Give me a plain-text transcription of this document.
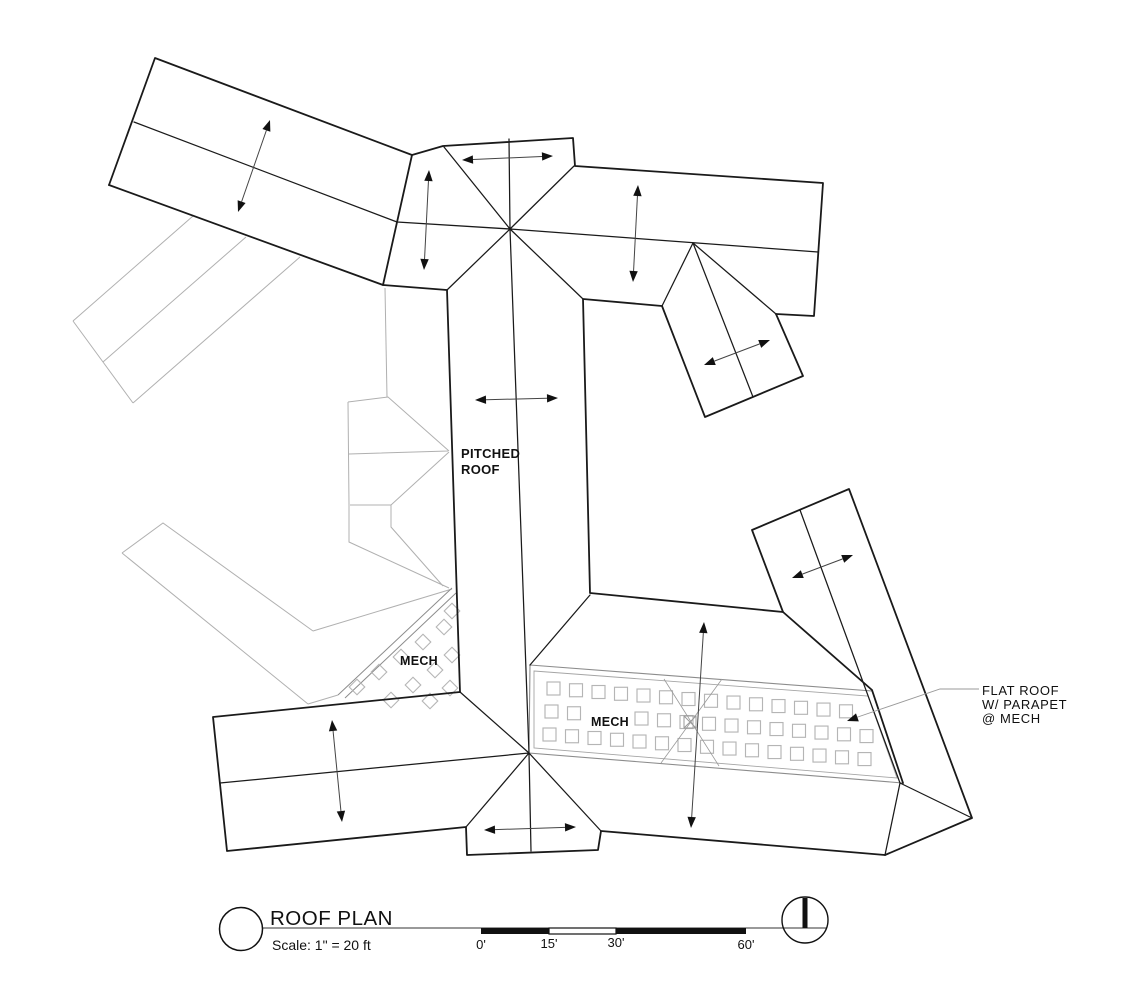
PITCHED
ROOF
MECH
MECH
FLAT ROOF
W/ PARAPET
@ MECH
ROOF PLAN
Scale: 1" = 20 ft	0'	15'	30'	60'
